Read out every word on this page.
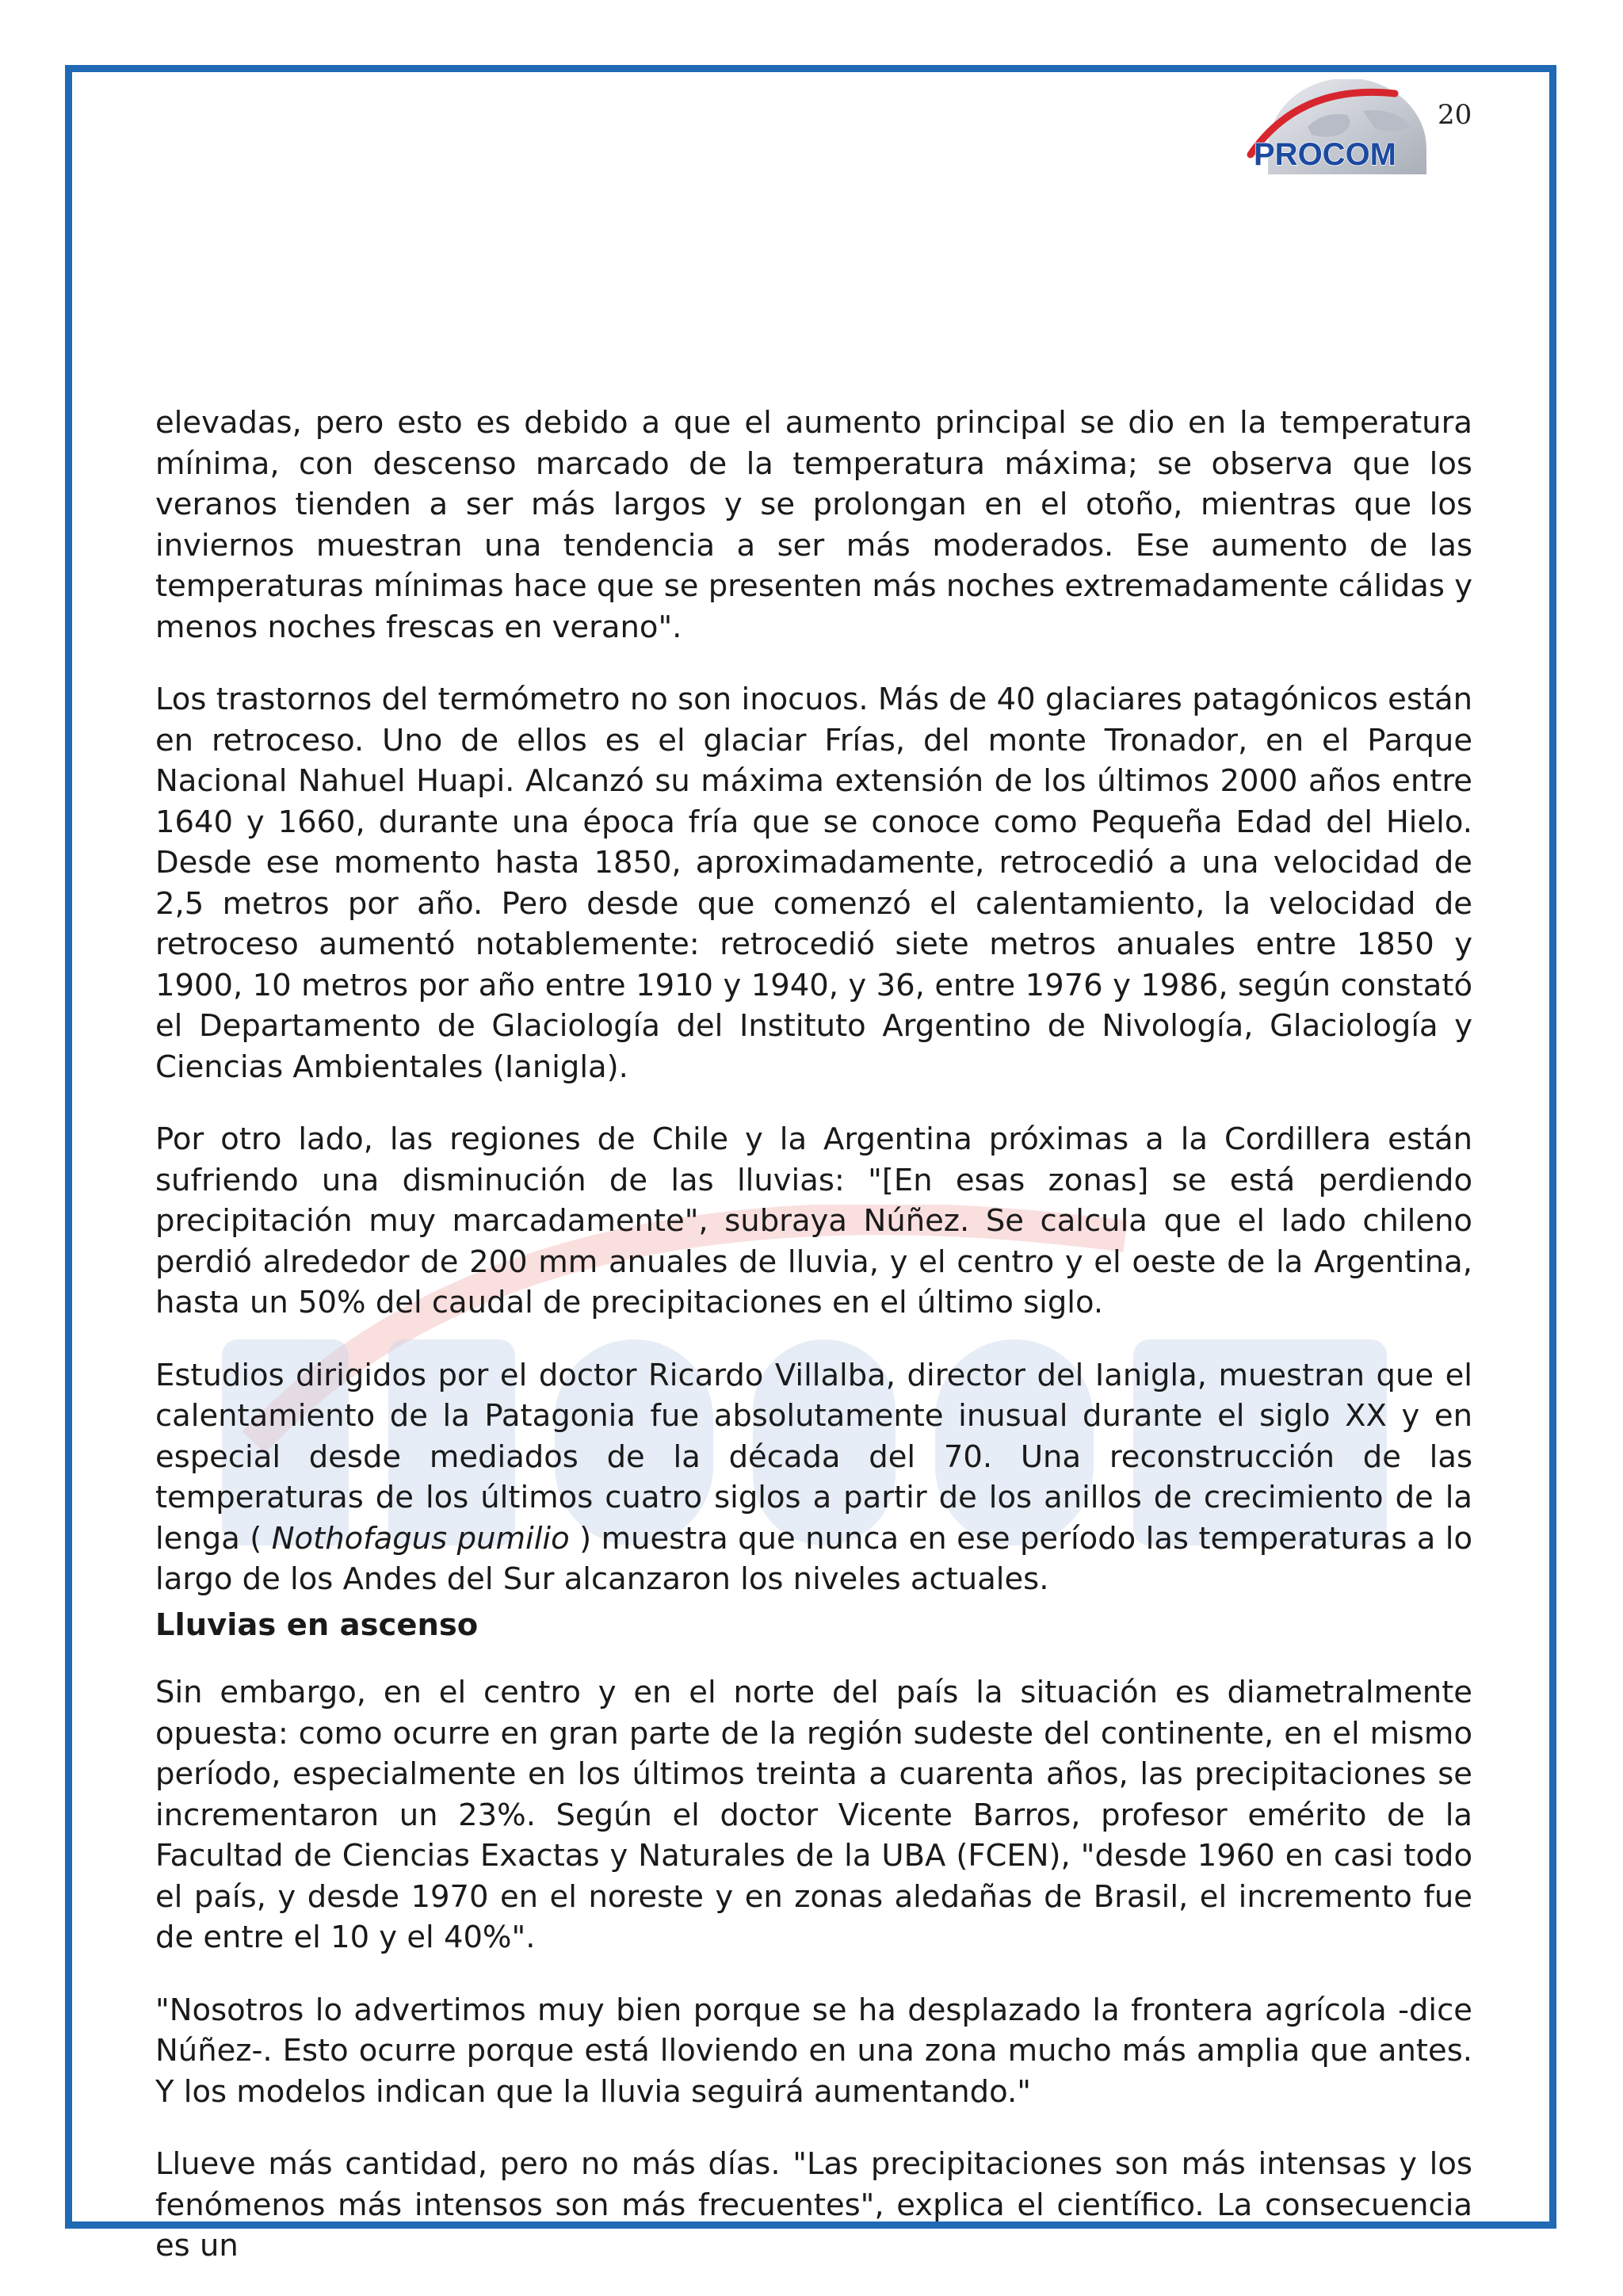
PROCOM
20

elevadas, pero esto es debido a que el aumento principal se dio en la temperatura mínima, con descenso marcado de la temperatura máxima; se observa que los veranos tienden a ser más largos y se prolongan en el otoño, mientras que los inviernos muestran una tendencia a ser más moderados. Ese aumento de las temperaturas mínimas hace que se presenten más noches extremadamente cálidas y menos noches frescas en verano".

Los trastornos del termómetro no son inocuos. Más de 40 glaciares patagónicos están en retroceso. Uno de ellos es el glaciar Frías, del monte Tronador, en el Parque Nacional Nahuel Huapi. Alcanzó su máxima extensión de los últimos 2000 años entre 1640 y 1660, durante una época fría que se conoce como Pequeña Edad del Hielo. Desde ese momento hasta 1850, aproximadamente, retrocedió a una velocidad de 2,5 metros por año. Pero desde que comenzó el calentamiento, la velocidad de retroceso aumentó notablemente: retrocedió siete metros anuales entre 1850 y 1900, 10 metros por año entre 1910 y 1940, y 36, entre 1976 y 1986, según constató el Departamento de Glaciología del Instituto Argentino de Nivología, Glaciología y Ciencias Ambientales (Ianigla).

Por otro lado, las regiones de Chile y la Argentina próximas a la Cordillera están sufriendo una disminución de las lluvias: "[En esas zonas] se está perdiendo precipitación muy marcadamente", subraya Núñez. Se calcula que el lado chileno perdió alrededor de 200 mm anuales de lluvia, y el centro y el oeste de la Argentina, hasta un 50% del caudal de precipitaciones en el último siglo.

Estudios dirigidos por el doctor Ricardo Villalba, director del Ianigla, muestran que el calentamiento de la Patagonia fue absolutamente inusual durante el siglo XX y en especial desde mediados de la década del 70. Una reconstrucción de las temperaturas de los últimos cuatro siglos a partir de los anillos de crecimiento de la lenga ( Nothofagus pumilio ) muestra que nunca en ese período las temperaturas a lo largo de los Andes del Sur alcanzaron los niveles actuales.

Lluvias en ascenso

Sin embargo, en el centro y en el norte del país la situación es diametralmente opuesta: como ocurre en gran parte de la región sudeste del continente, en el mismo período, especialmente en los últimos treinta a cuarenta años, las precipitaciones se incrementaron un 23%. Según el doctor Vicente Barros, profesor emérito de la Facultad de Ciencias Exactas y Naturales de la UBA (FCEN), "desde 1960 en casi todo el país, y desde 1970 en el noreste y en zonas aledañas de Brasil, el incremento fue de entre el 10 y el 40%".

"Nosotros lo advertimos muy bien porque se ha desplazado la frontera agrícola -dice Núñez-. Esto ocurre porque está lloviendo en una zona mucho más amplia que antes. Y los modelos indican que la lluvia seguirá aumentando."

Llueve más cantidad, pero no más días. "Las precipitaciones son más intensas y los fenómenos más intensos son más frecuentes", explica el científico. La consecuencia es un
